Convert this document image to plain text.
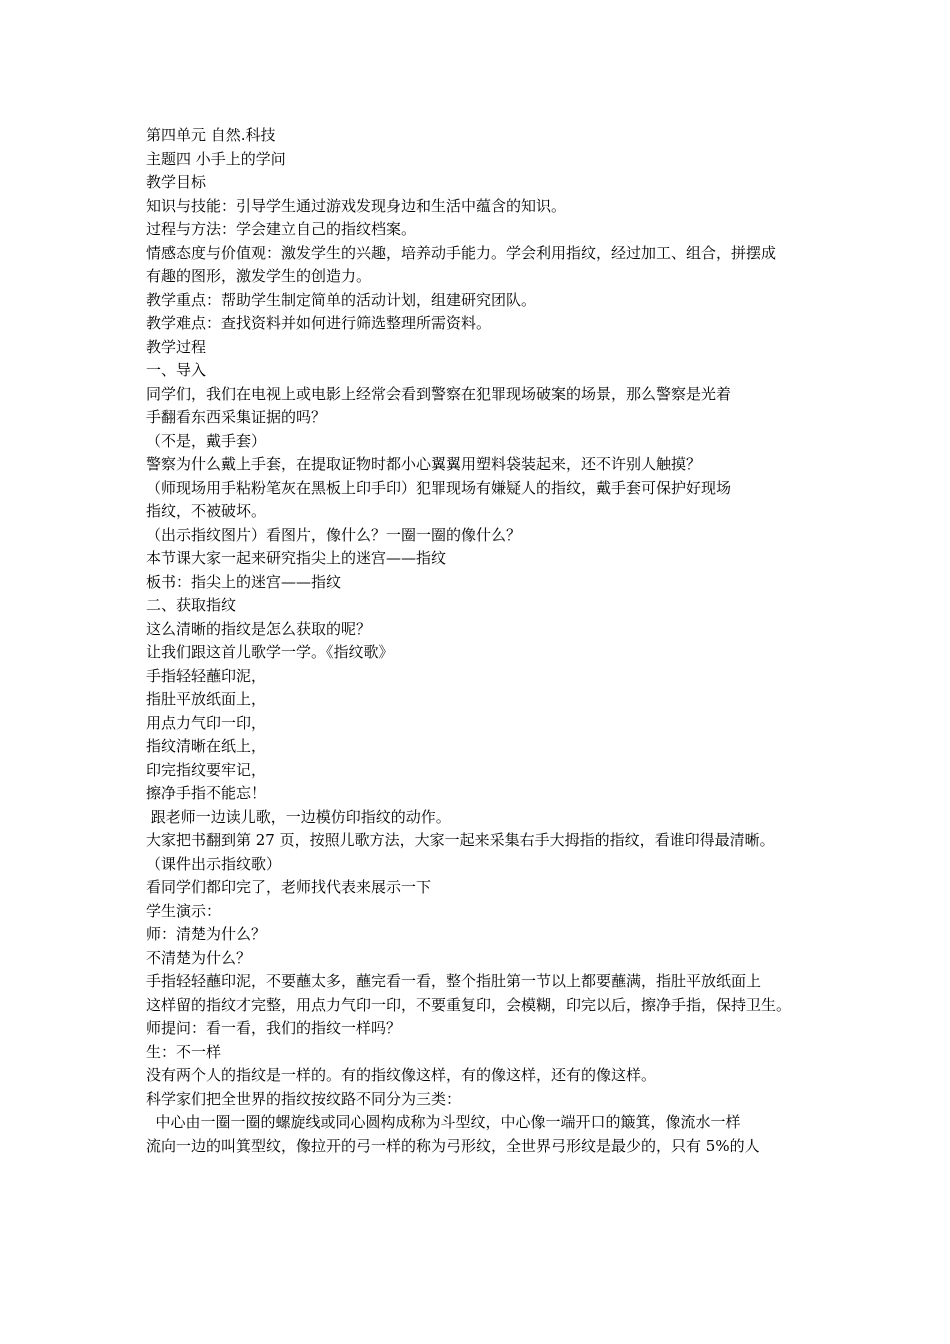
第四单元 自然.科技
主题四 小手上的学问
教学目标
知识与技能：引导学生通过游戏发现身边和生活中蕴含的知识。
过程与方法：学会建立自己的指纹档案。
情感态度与价值观：激发学生的兴趣，培养动手能力。学会利用指纹，经过加工、组合，拼摆成
有趣的图形，激发学生的创造力。
教学重点：帮助学生制定简单的活动计划，组建研究团队。
教学难点：查找资料并如何进行筛选整理所需资料。
教学过程
一、导入
同学们，我们在电视上或电影上经常会看到警察在犯罪现场破案的场景，那么警察是光着
手翻看东西采集证据的吗？
（不是，戴手套）
警察为什么戴上手套，在提取证物时都小心翼翼用塑料袋装起来，还不许别人触摸？
（师现场用手粘粉笔灰在黑板上印手印）犯罪现场有嫌疑人的指纹，戴手套可保护好现场
指纹，不被破坏。
（出示指纹图片）看图片，像什么？一圈一圈的像什么？
本节课大家一起来研究指尖上的迷宫——指纹
板书：指尖上的迷宫——指纹
二、获取指纹
这么清晰的指纹是怎么获取的呢？
让我们跟这首儿歌学一学。《指纹歌》
手指轻轻蘸印泥，
指肚平放纸面上，
用点力气印一印，
指纹清晰在纸上，
印完指纹要牢记，
擦净手指不能忘！
跟老师一边读儿歌，一边模仿印指纹的动作。
大家把书翻到第 27 页，按照儿歌方法，大家一起来采集右手大拇指的指纹，看谁印得最清晰。
（课件出示指纹歌）
看同学们都印完了，老师找代表来展示一下
学生演示：
师：清楚为什么？
不清楚为什么？
手指轻轻蘸印泥，不要蘸太多，蘸完看一看，整个指肚第一节以上都要蘸满，指肚平放纸面上
这样留的指纹才完整，用点力气印一印，不要重复印，会模糊，印完以后，擦净手指，保持卫生。
师提问：看一看，我们的指纹一样吗？
生：不一样
没有两个人的指纹是一样的。有的指纹像这样，有的像这样，还有的像这样。
科学家们把全世界的指纹按纹路不同分为三类：
中心由一圈一圈的螺旋线或同心圆构成称为斗型纹，中心像一端开口的簸箕，像流水一样
流向一边的叫箕型纹，像拉开的弓一样的称为弓形纹，全世界弓形纹是最少的，只有 5%的人
